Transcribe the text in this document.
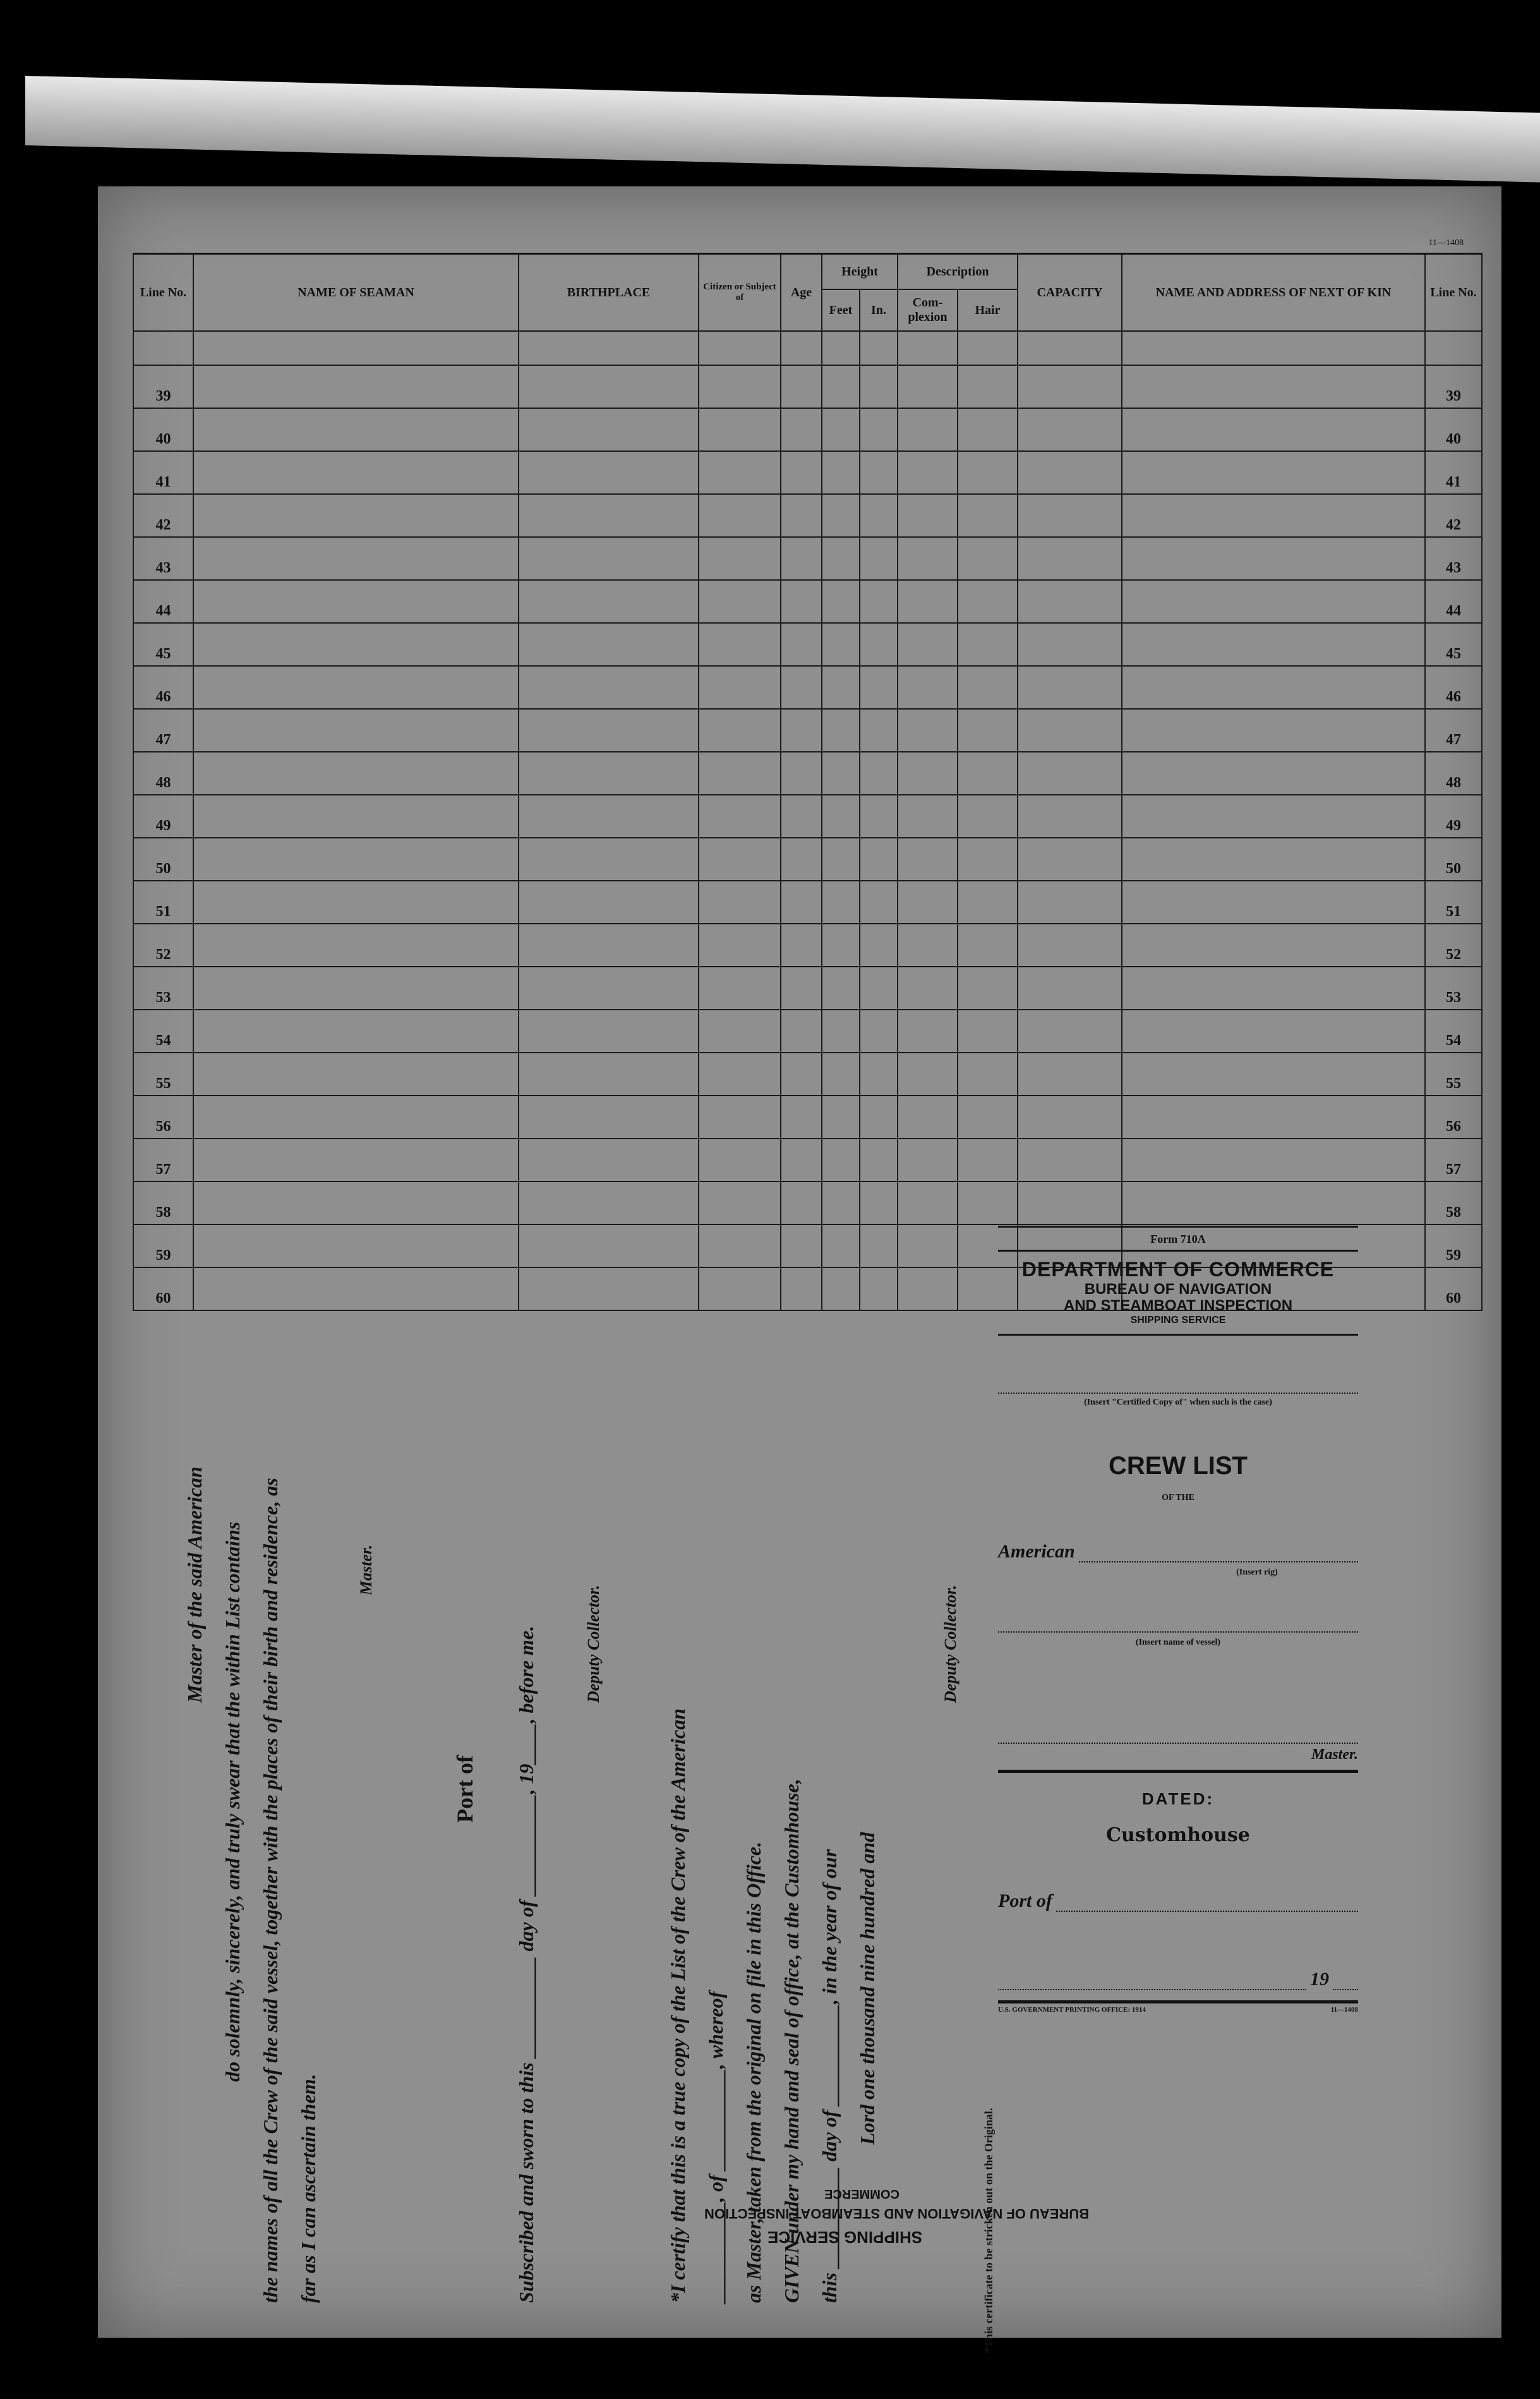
11—1408
Line No.	NAME OF SEAMAN	BIRTHPLACE	Citizen or Subject of	Age	Height		Description		CAPACITY	NAME AND ADDRESS OF NEXT OF KIN	Line No.
					Feet	In.	Com- plexion	Hair			

39											39
40											40
41											41
42											42
43											43
44											44
45											45
46											46
47											47
48											48
49											49
50											50
51											51
52											52
53											53
54											54
55											55
56											56
57											57
58											58
59											59
60											60
Master of the said American do solemnly, sincerely, and truly swear that the within List contains the names of all the Crew of the said vessel, together with the places of their birth and residence, as far as I can ascertain them.
Master.
Port of Subscribed and sworn to this __________ day of __________, 19____, before me.	Deputy Collector.
*I certify that this is a true copy of the List of the Crew of the American __________, of __________, whereof as Master, taken from the original on file in this Office. GIVEN under my hand and seal of office, at the Customhouse, this __________ day of __________, in the year of our Lord one thousand nine hundred and
Deputy Collector.
*This certificate to be stricken out on the Original.
SHIPPING SERVICE
BUREAU OF NAVIGATION AND STEAMBOAT INSPECTION
COMMERCE
Form 710A
DEPARTMENT OF COMMERCE
BUREAU OF NAVIGATION
AND STEAMBOAT INSPECTION
SHIPPING SERVICE
(Insert "Certified Copy of" when such is the case)
CREW LIST
OF THE
American
(Insert rig)
(Insert name of vessel)
Master.
DATED:
Customhouse
Port of
19
U.S. GOVERNMENT PRINTING OFFICE: 1914	11—1408
